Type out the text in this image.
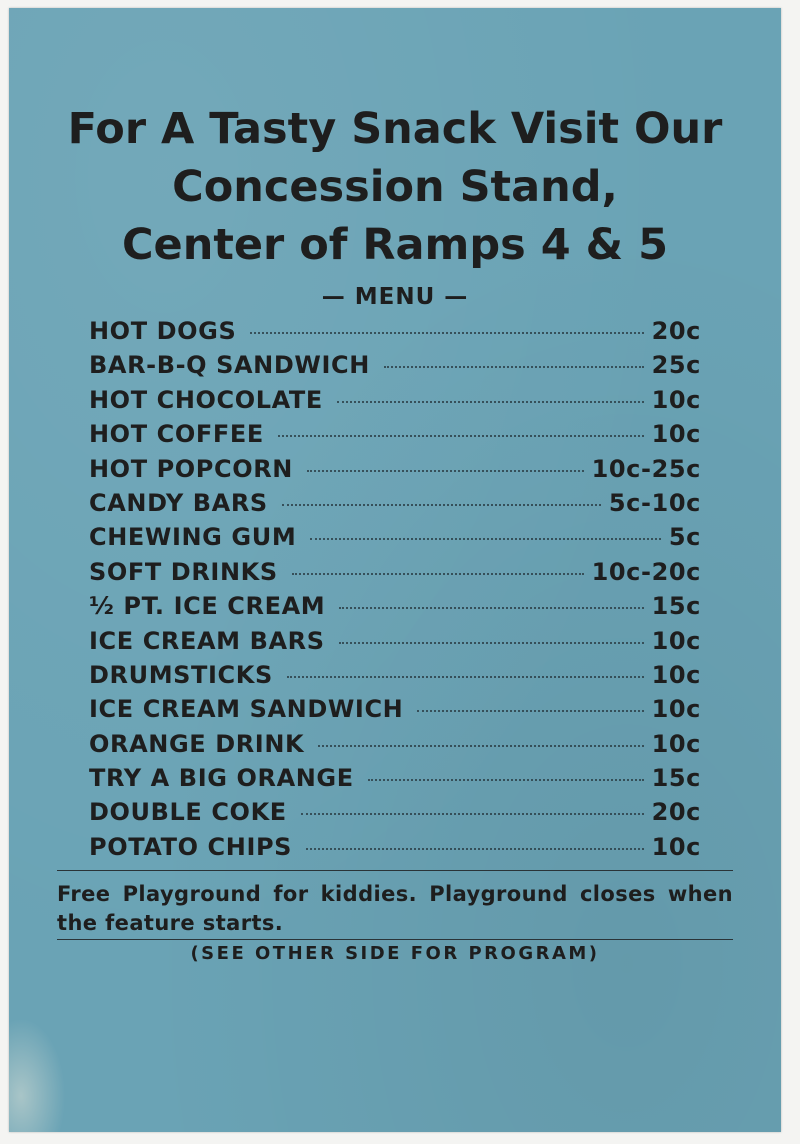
For A Tasty Snack Visit Our
Concession Stand,
Center of Ramps 4 & 5
— MENU —
HOT DOGS	20c
BAR-B-Q SANDWICH	25c
HOT CHOCOLATE	10c
HOT COFFEE	10c
HOT POPCORN	10c-25c
CANDY BARS	5c-10c
CHEWING GUM	5c
SOFT DRINKS	10c-20c
½ PT. ICE CREAM	15c
ICE CREAM BARS	10c
DRUMSTICKS	10c
ICE CREAM SANDWICH	10c
ORANGE DRINK	10c
TRY A BIG ORANGE	15c
DOUBLE COKE	20c
POTATO CHIPS	10c

Free Playground for kiddies. Playground closes when the feature starts.

(SEE OTHER SIDE FOR PROGRAM)
